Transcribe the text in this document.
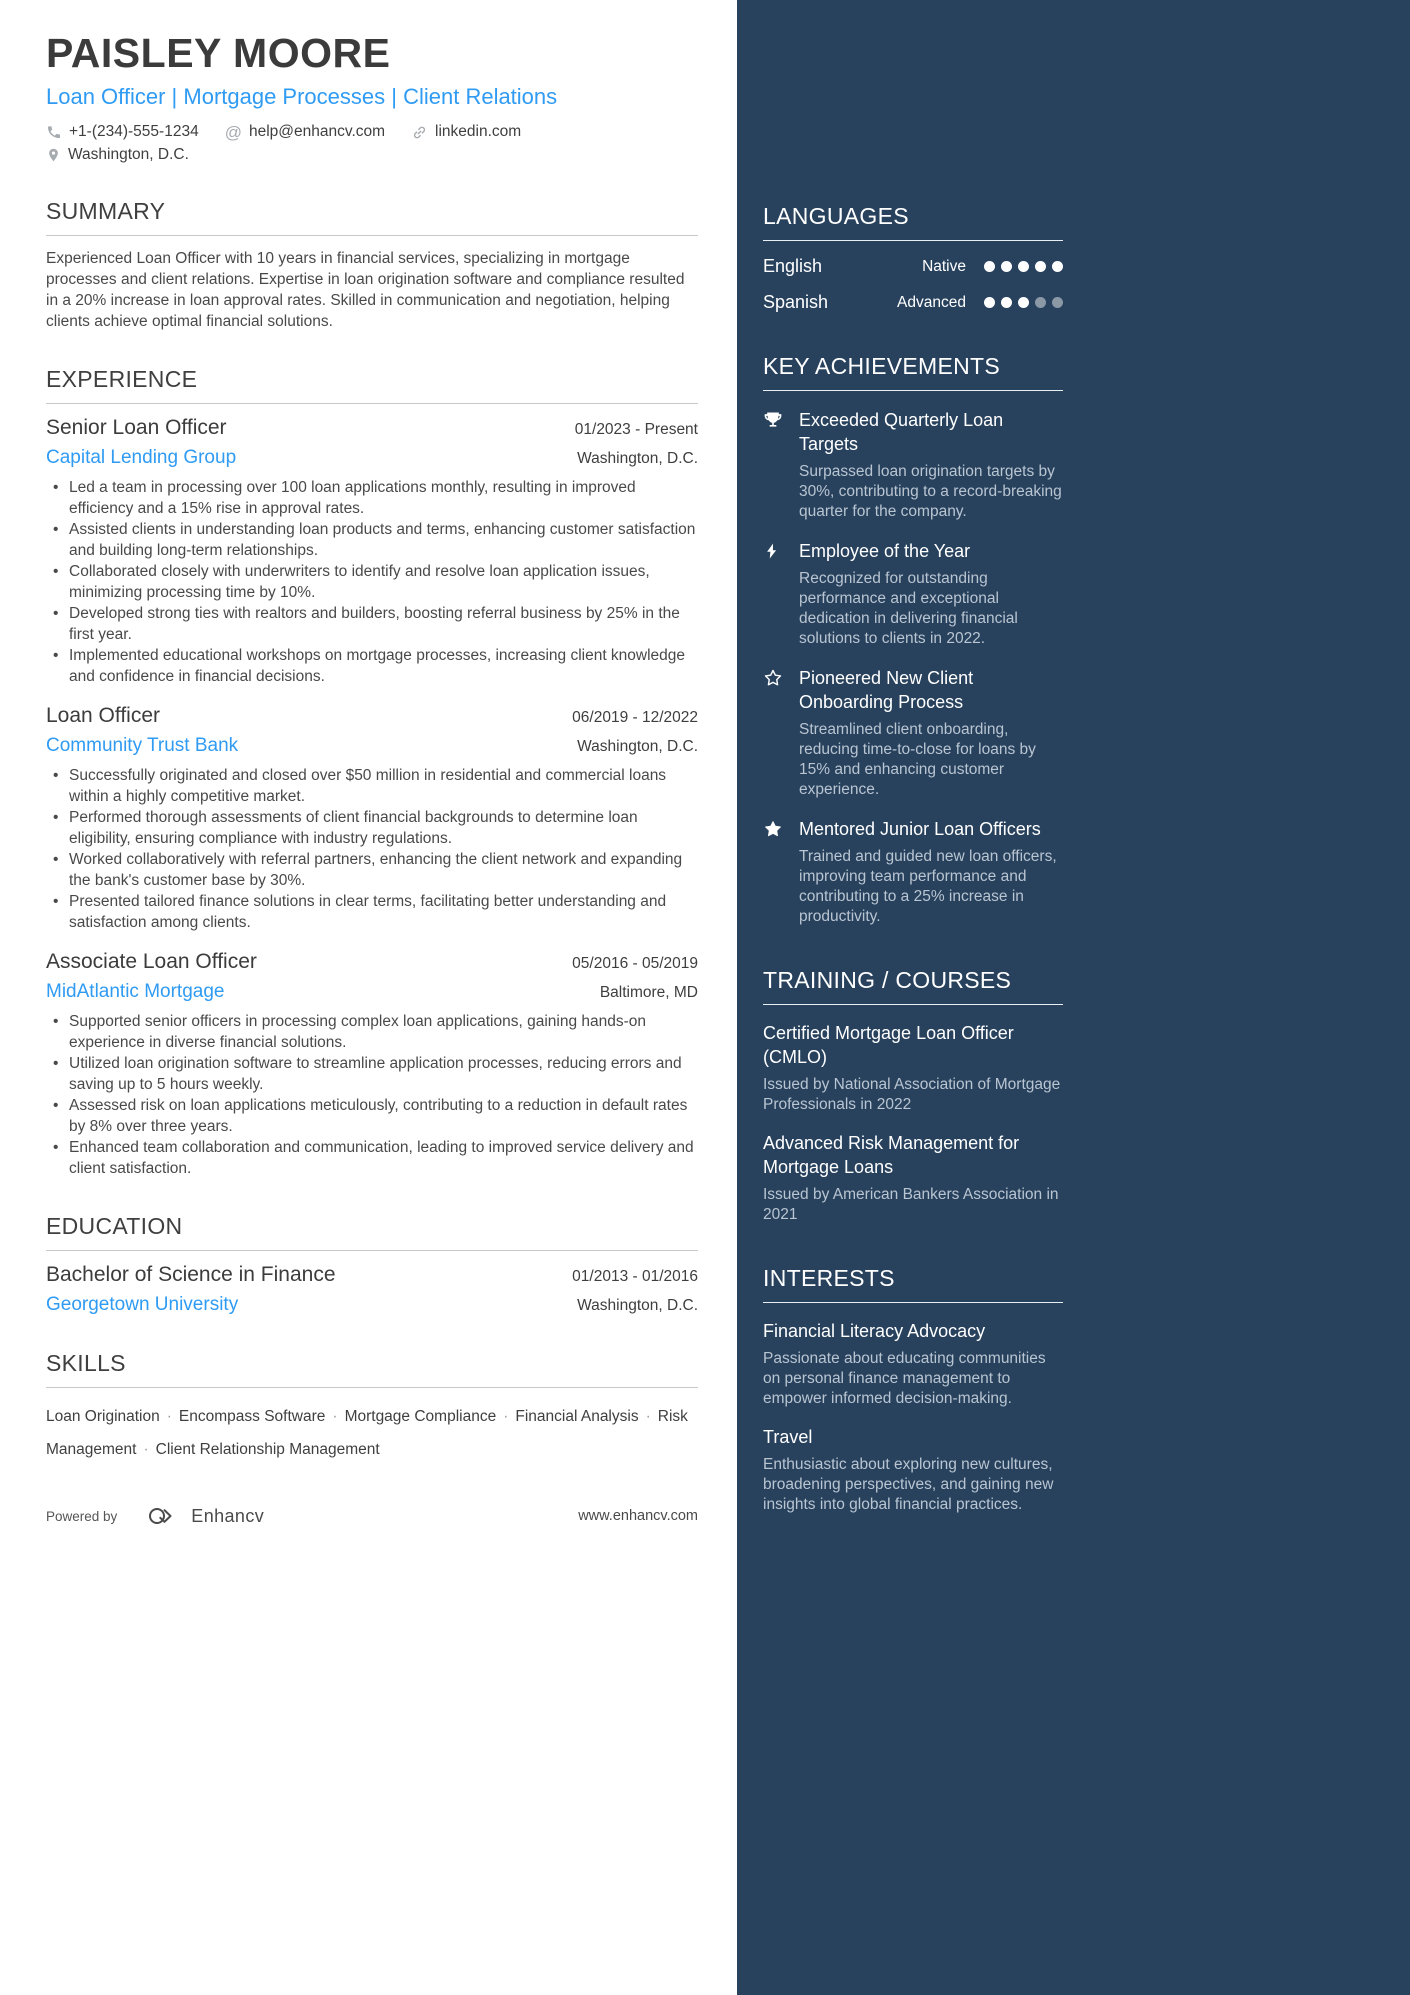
PAISLEY MOORE
Loan Officer | Mortgage Processes | Client Relations
+1-(234)-555-1234 @ help@enhancv.com	linkedin.com
Washington, D.C.
SUMMARY

Experienced Loan Officer with 10 years in financial services, specializing in mortgage processes and client relations. Expertise in loan origination software and compliance resulted in a 20% increase in loan approval rates. Skilled in communication and negotiation, helping clients achieve optimal financial solutions.

EXPERIENCE
Senior Loan Officer	01/2023 - Present
Capital Lending Group	Washington, D.C.
• Led a team in processing over 100 loan applications monthly, resulting in improved efficiency and a 15% rise in approval rates.
• Assisted clients in understanding loan products and terms, enhancing customer satisfaction and building long-term relationships.
• Collaborated closely with underwriters to identify and resolve loan application issues, minimizing processing time by 10%.
• Developed strong ties with realtors and builders, boosting referral business by 25% in the first year.
• Implemented educational workshops on mortgage processes, increasing client knowledge and confidence in financial decisions.
Loan Officer	06/2019 - 12/2022
Community Trust Bank	Washington, D.C.
• Successfully originated and closed over $50 million in residential and commercial loans within a highly competitive market.
• Performed thorough assessments of client financial backgrounds to determine loan eligibility, ensuring compliance with industry regulations.
• Worked collaboratively with referral partners, enhancing the client network and expanding the bank's customer base by 30%.
• Presented tailored finance solutions in clear terms, facilitating better understanding and satisfaction among clients.
Associate Loan Officer	05/2016 - 05/2019
MidAtlantic Mortgage	Baltimore, MD
• Supported senior officers in processing complex loan applications, gaining hands-on experience in diverse financial solutions.
• Utilized loan origination software to streamline application processes, reducing errors and saving up to 5 hours weekly.
• Assessed risk on loan applications meticulously, contributing to a reduction in default rates by 8% over three years.
• Enhanced team collaboration and communication, leading to improved service delivery and client satisfaction.
EDUCATION
Bachelor of Science in Finance	01/2013 - 01/2016
Georgetown University	Washington, D.C.
SKILLS
Loan Origination · Encompass Software · Mortgage Compliance · Financial Analysis · Risk Management · Client Relationship Management
Powered by	Enhancv	www.enhancv.com
LANGUAGES
English	Native
Spanish	Advanced
KEY ACHIEVEMENTS
Exceeded Quarterly Loan Targets
Surpassed loan origination targets by 30%, contributing to a record-breaking quarter for the company.
Employee of the Year
Recognized for outstanding performance and exceptional dedication in delivering financial solutions to clients in 2022.
Pioneered New Client Onboarding Process
Streamlined client onboarding, reducing time-to-close for loans by 15% and enhancing customer experience.
Mentored Junior Loan Officers
Trained and guided new loan officers, improving team performance and contributing to a 25% increase in productivity.
TRAINING / COURSES
Certified Mortgage Loan Officer (CMLO)
Issued by National Association of Mortgage Professionals in 2022
Advanced Risk Management for Mortgage Loans
Issued by American Bankers Association in 2021
INTERESTS
Financial Literacy Advocacy
Passionate about educating communities on personal finance management to empower informed decision-making.
Travel
Enthusiastic about exploring new cultures, broadening perspectives, and gaining new insights into global financial practices.
